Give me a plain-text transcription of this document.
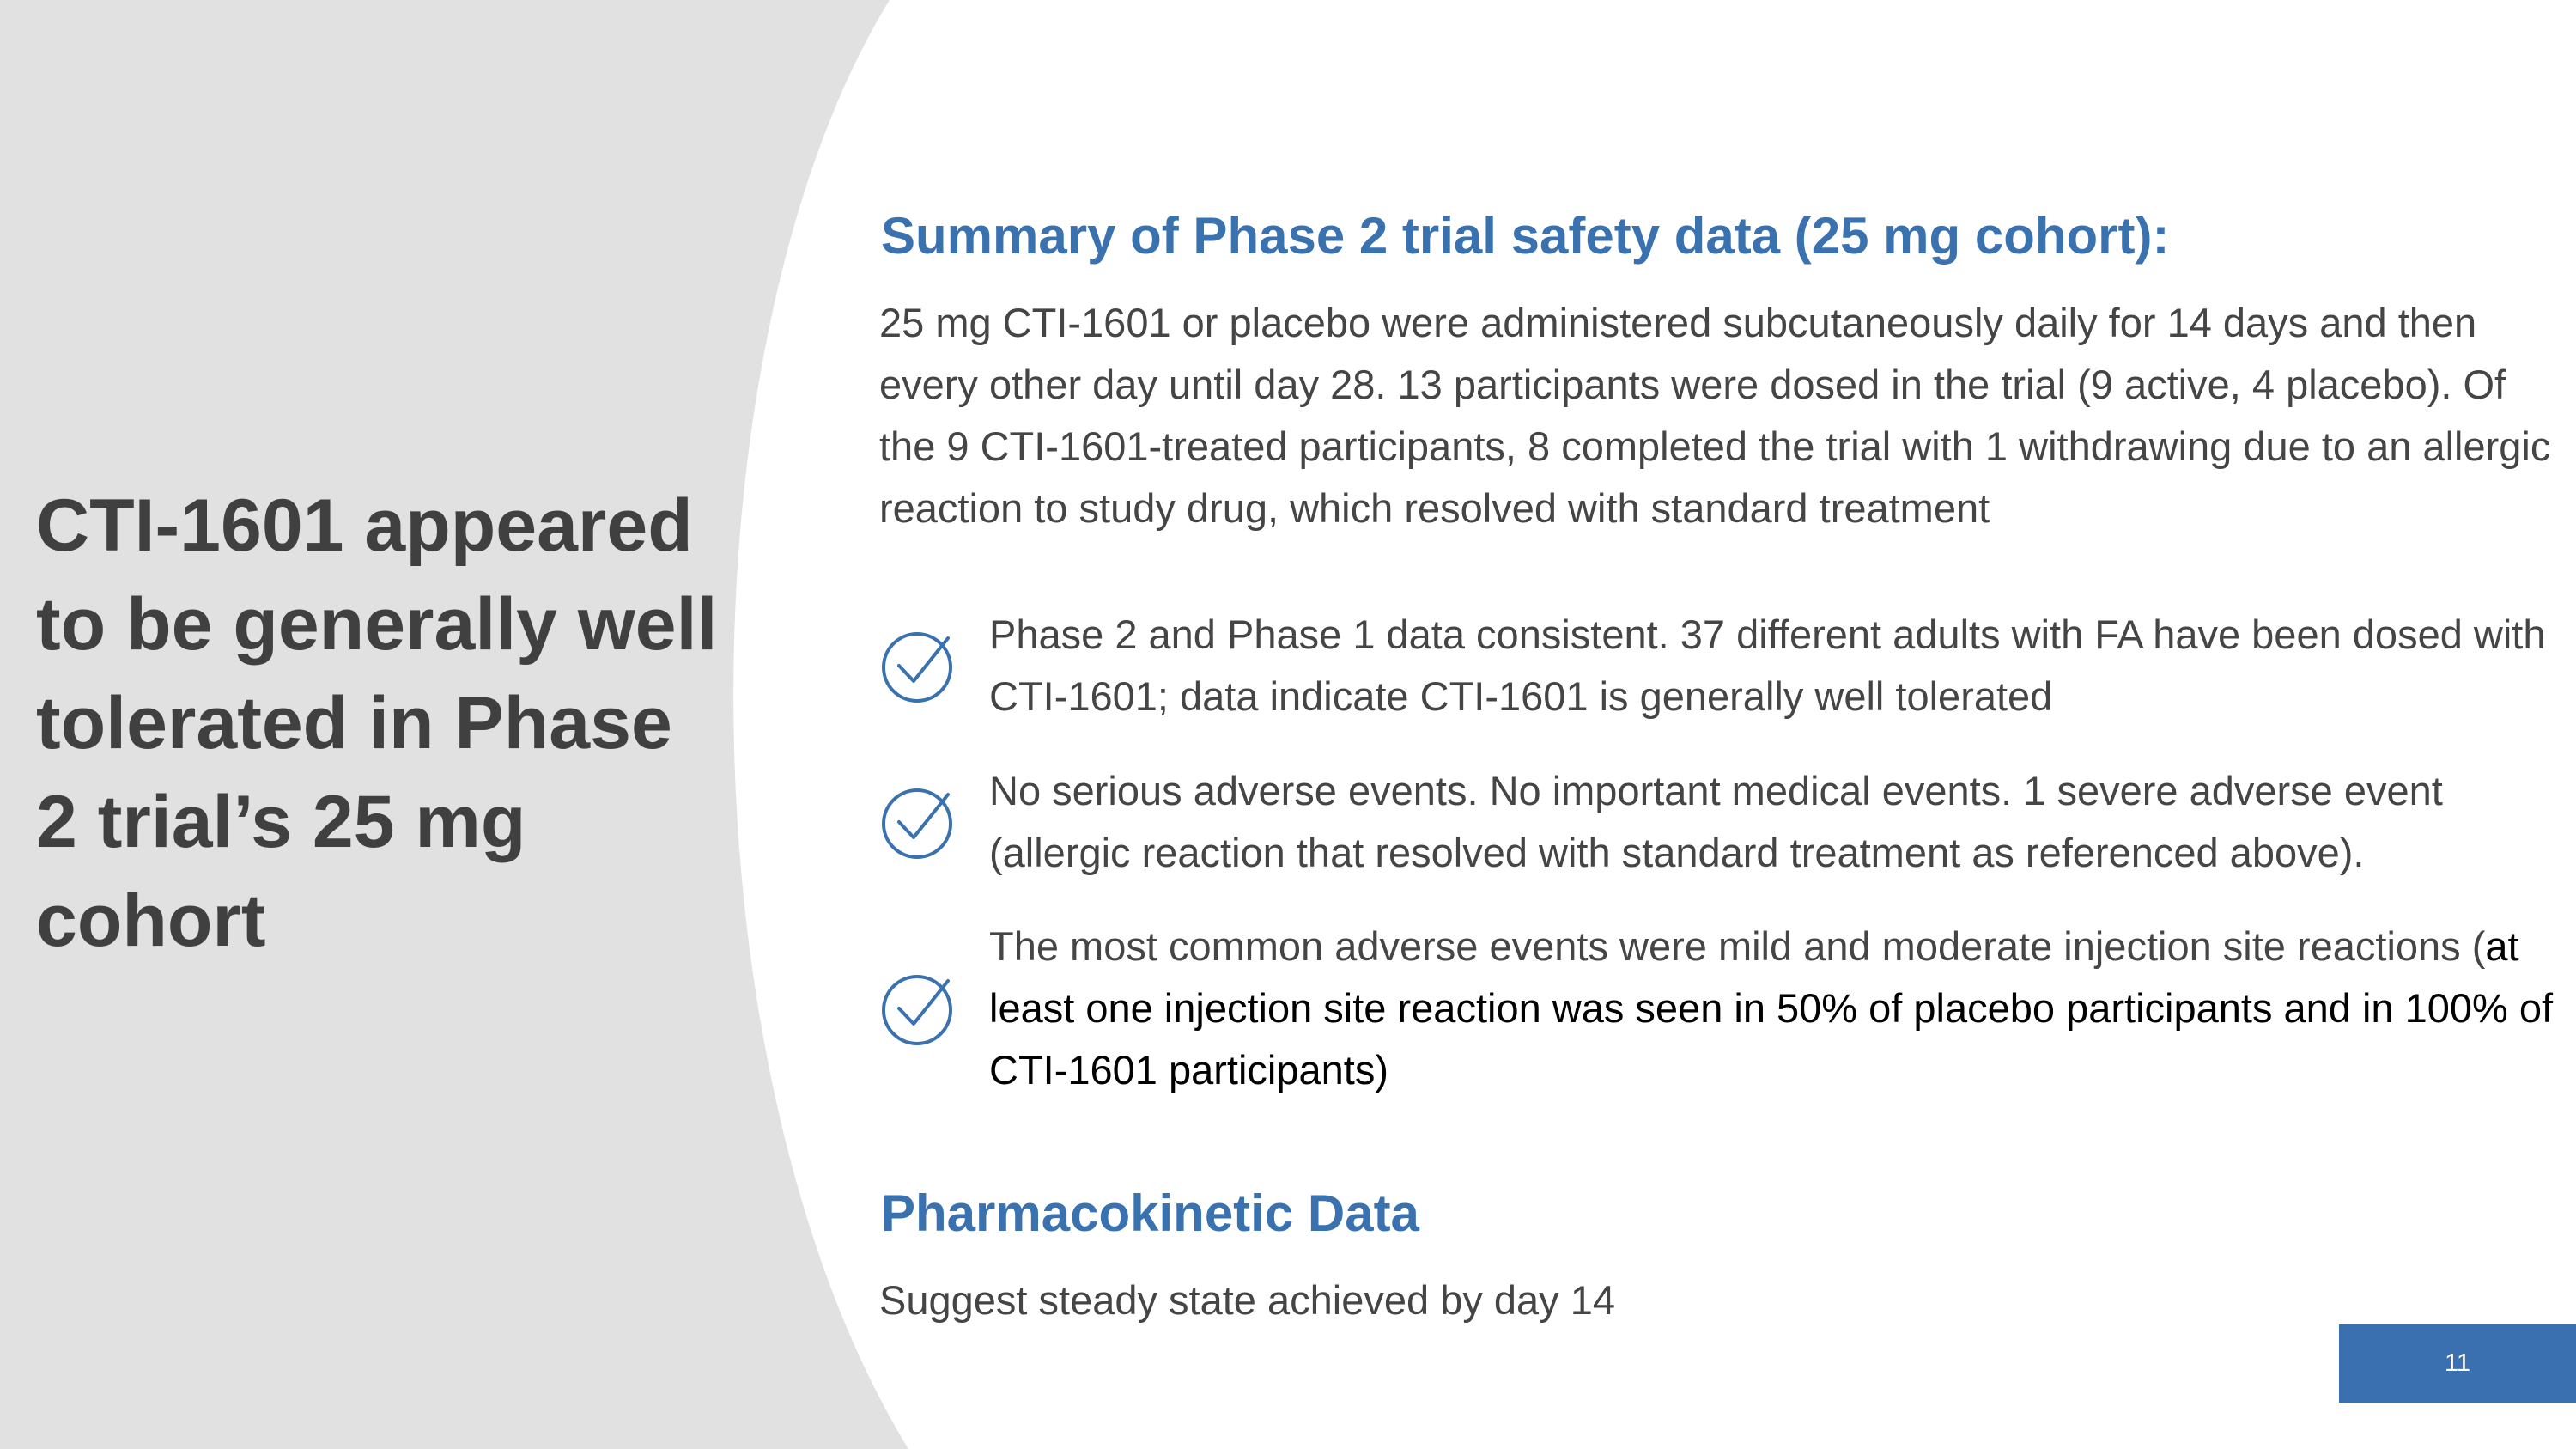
CTI-1601 appeared to be generally well tolerated in Phase 2 trial’s 25 mg cohort
Summary of Phase 2 trial safety data (25 mg cohort):

25 mg CTI-1601 or placebo were administered subcutaneously daily for 14 days and then every other day until day 28. 13 participants were dosed in the trial (9 active, 4 placebo). Of the 9 CTI-1601-treated participants, 8 completed the trial with 1 withdrawing due to an allergic reaction to study drug, which resolved with standard treatment

Phase 2 and Phase 1 data consistent. 37 different adults with FA have been dosed with CTI-1601; data indicate CTI-1601 is generally well tolerated

No serious adverse events. No important medical events. 1 severe adverse event (allergic reaction that resolved with standard treatment as referenced above).

The most common adverse events were mild and moderate injection site reactions (at least one injection site reaction was seen in 50% of placebo participants and in 100% of CTI-1601 participants)

Pharmacokinetic Data

Suggest steady state achieved by day 14

11
